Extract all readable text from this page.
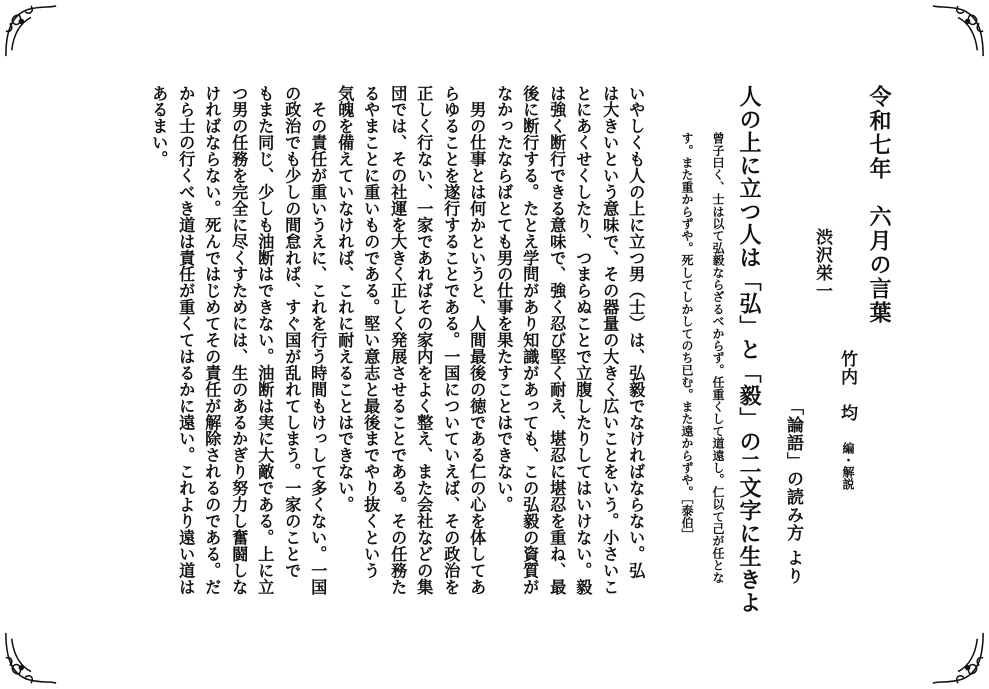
令和七年　六月の言葉
渋沢栄一
竹内　均
編・解説
「論語」の読み方 より
人の上に立つ人は「弘」と「毅」の二文字に生きよ
曾子曰く、士は以て弘毅ならざるべからず。任重くして道遠し。仁以て己が任とな
す。また重からずや。死してしかしてのち已む。また遠からずや。［泰伯］
いやしくも人の上に立つ男（士）は、弘毅でなければならない。弘
は大きいという意味で、その器量の大きく広いことをいう。小さいこ
とにあくせくしたり、つまらぬことで立腹したりしてはいけない。毅
は強く断行できる意味で、強く忍び堅く耐え、堪忍に堪忍を重ね、最
後に断行する。たとえ学問があり知識があっても、この弘毅の資質が
なかったならばとても男の仕事を果たすことはできない。
　男の仕事とは何かというと、人間最後の徳である仁の心を体してあ
らゆることを遂行することである。一国についていえば、その政治を
正しく行ない、一家であればその家内をよく整え、また会社などの集
団では、その社運を大きく正しく発展させることである。その任務た
るやまことに重いものである。堅い意志と最後までやり抜くという
気魄を備えていなければ、これに耐えることはできない。
　その責任が重いうえに、これを行う時間もけっして多くない。一国
の政治でも少しの間怠れば、すぐ国が乱れてしまう。一家のことで
もまた同じ、少しも油断はできない。油断は実に大敵である。上に立
つ男の任務を完全に尽くすためには、生のあるかぎり努力し奮闘しな
ければならない。死んではじめてその責任が解除されるのである。だ
から士の行くべき道は責任が重くてはるかに遠い。これより遠い道は
あるまい。
